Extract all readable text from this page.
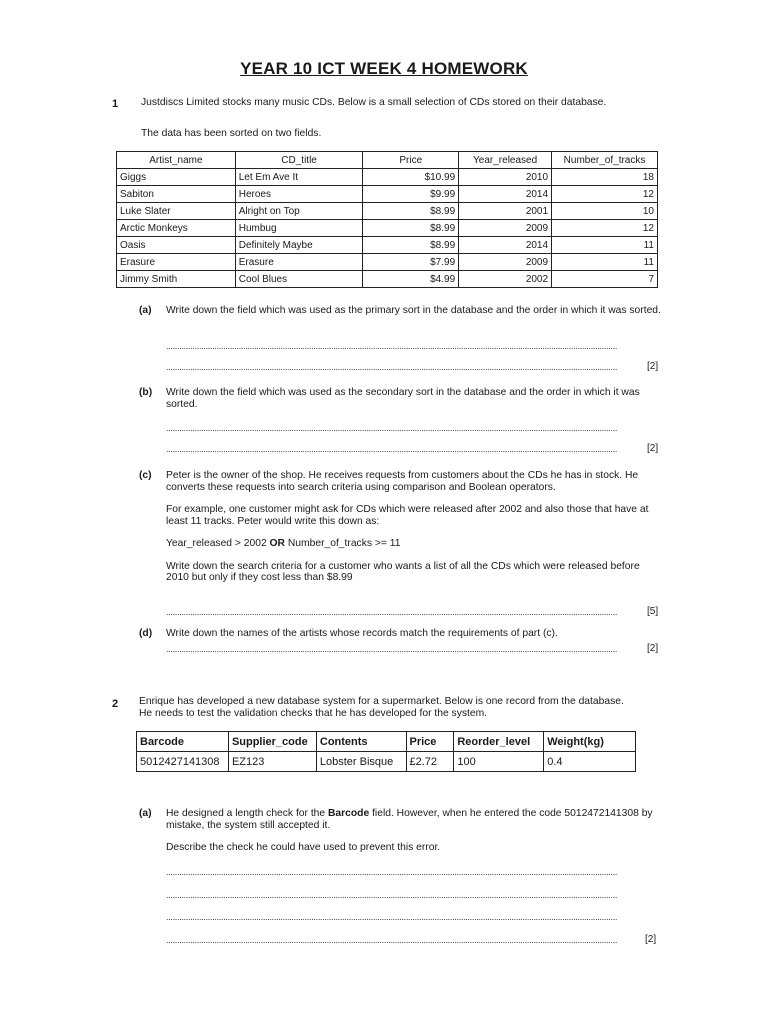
YEAR 10 ICT WEEK 4 HOMEWORK
1 Justdiscs Limited stocks many music CDs. Below is a small selection of CDs stored on their database.
The data has been sorted on two fields.
Artist_name	CD_title	Price	Year_released	Number_of_tracks
Giggs	Let Em Ave It	$10.99	2010	18
Sabiton	Heroes	$9.99	2014	12
Luke Slater	Alright on Top	$8.99	2001	10
Arctic Monkeys	Humbug	$8.99	2009	12
Oasis	Definitely Maybe	$8.99	2014	11
Erasure	Erasure	$7.99	2009	11
Jimmy Smith	Cool Blues	$4.99	2002	7
(a) Write down the field which was used as the primary sort in the database and the order in which it was sorted.
.............................................................................................................................................................................................................
.............................................................................................................................................................................................................	[2]
(b) Write down the field which was used as the secondary sort in the database and the order in which it was sorted.
.............................................................................................................................................................................................................
.............................................................................................................................................................................................................	[2]
(c) Peter is the owner of the shop. He receives requests from customers about the CDs he has in stock. He converts these requests into search criteria using comparison and Boolean operators.

For example, one customer might ask for CDs which were released after 2002 and also those that have at least 11 tracks. Peter would write this down as:

Year_released > 2002 OR Number_of_tracks >= 11

Write down the search criteria for a customer who wants a list of all the CDs which were released before 2010 but only if they cost less than $8.99

.............................................................................................................................................................................................................	[5]
(d) Write down the names of the artists whose records match the requirements of part (c).
.............................................................................................................................................................................................................	[2]
2 Enrique has developed a new database system for a supermarket. Below is one record from the database. He needs to test the validation checks that he has developed for the system.
Barcode	Supplier_code	Contents	Price	Reorder_level	Weight(kg)
5012427141308	EZ123	Lobster Bisque	£2.72	100	0.4
(a) He designed a length check for the Barcode field. However, when he entered the code 5012472141308 by mistake, the system still accepted it.

Describe the check he could have used to prevent this error.

.............................................................................................................................................................................................................
.............................................................................................................................................................................................................
.............................................................................................................................................................................................................
.............................................................................................................................................................................................................	[2]
